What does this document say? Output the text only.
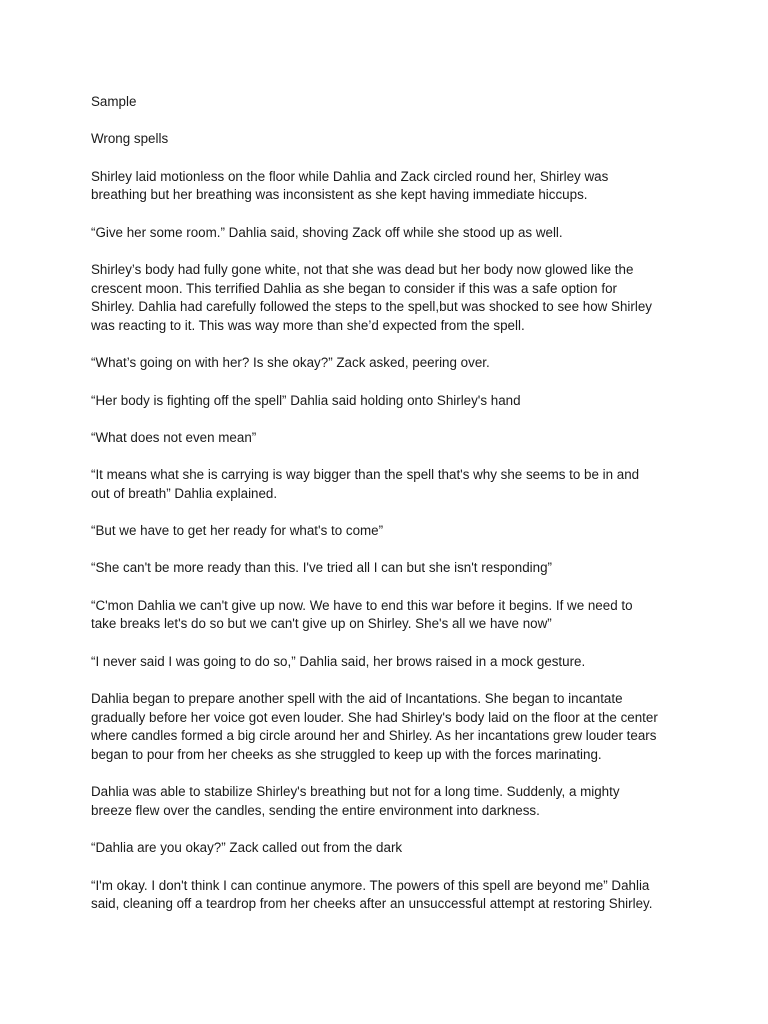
Sample

Wrong spells

Shirley laid motionless on the floor while Dahlia and Zack circled round her, Shirley was
breathing but her breathing was inconsistent as she kept having immediate hiccups.

“Give her some room.” Dahlia said, shoving Zack off while she stood up as well.

Shirley’s body had fully gone white, not that she was dead but her body now glowed like the
crescent moon. This terrified Dahlia as she began to consider if this was a safe option for
Shirley. Dahlia had carefully followed the steps to the spell,but was shocked to see how Shirley
was reacting to it. This was way more than she’d expected from the spell.

“What’s going on with her? Is she okay?” Zack asked, peering over.

“Her body is fighting off the spell” Dahlia said holding onto Shirley's hand

“What does not even mean”

“It means what she is carrying is way bigger than the spell that's why she seems to be in and
out of breath” Dahlia explained.

“But we have to get her ready for what's to come”

“She can't be more ready than this. I've tried all I can but she isn't responding”

“C'mon Dahlia we can't give up now. We have to end this war before it begins. If we need to
take breaks let's do so but we can't give up on Shirley. She's all we have now”

“I never said I was going to do so,” Dahlia said, her brows raised in a mock gesture.

Dahlia began to prepare another spell with the aid of Incantations. She began to incantate
gradually before her voice got even louder. She had Shirley's body laid on the floor at the center
where candles formed a big circle around her and Shirley. As her incantations grew louder tears
began to pour from her cheeks as she struggled to keep up with the forces marinating.

Dahlia was able to stabilize Shirley's breathing but not for a long time. Suddenly, a mighty
breeze flew over the candles, sending the entire environment into darkness.

“Dahlia are you okay?” Zack called out from the dark

“I'm okay. I don't think I can continue anymore. The powers of this spell are beyond me” Dahlia
said, cleaning off a teardrop from her cheeks after an unsuccessful attempt at restoring Shirley.
